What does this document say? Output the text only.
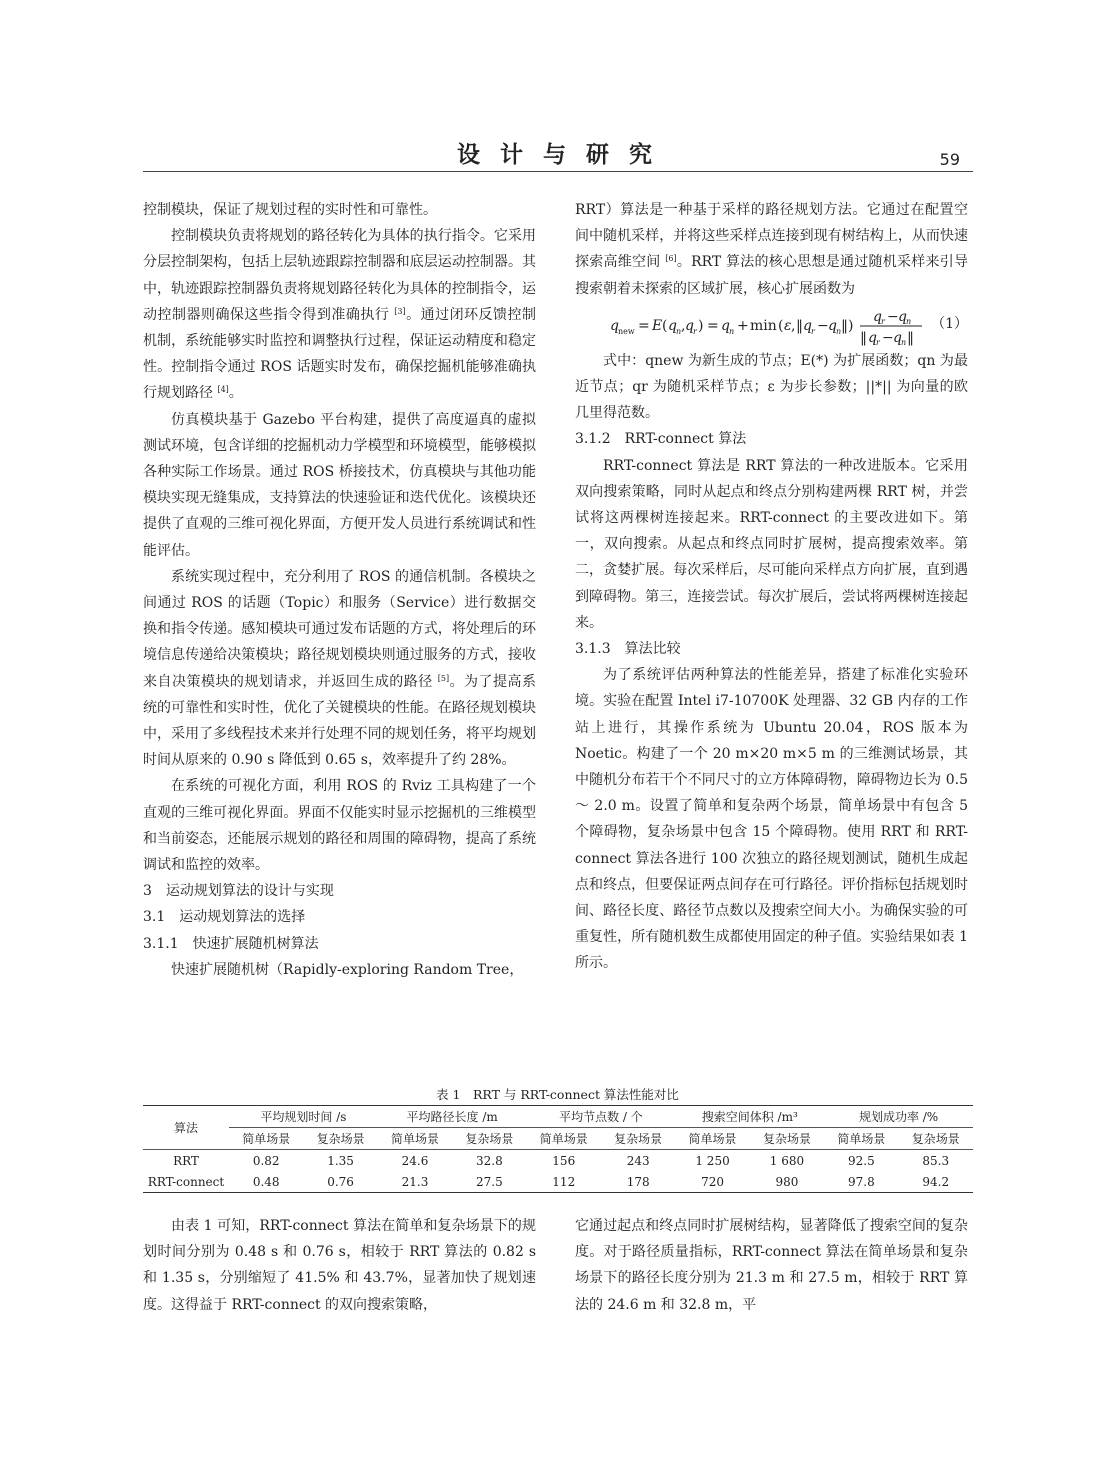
设 计 与 研 究	59

控制模块，保证了规划过程的实时性和可靠性。

控制模块负责将规划的路径转化为具体的执行指令。它采用分层控制架构，包括上层轨迹跟踪控制器和底层运动控制器。其中，轨迹跟踪控制器负责将规划路径转化为具体的控制指令，运动控制器则确保这些指令得到准确执行 [3]。通过闭环反馈控制机制，系统能够实时监控和调整执行过程，保证运动精度和稳定性。控制指令通过 ROS 话题实时发布，确保挖掘机能够准确执行规划路径 [4]。

仿真模块基于 Gazebo 平台构建，提供了高度逼真的虚拟测试环境，包含详细的挖掘机动力学模型和环境模型，能够模拟各种实际工作场景。通过 ROS 桥接技术，仿真模块与其他功能模块实现无缝集成，支持算法的快速验证和迭代优化。该模块还提供了直观的三维可视化界面，方便开发人员进行系统调试和性能评估。

系统实现过程中，充分利用了 ROS 的通信机制。各模块之间通过 ROS 的话题（Topic）和服务（Service）进行数据交换和指令传递。感知模块可通过发布话题的方式，将处理后的环境信息传递给决策模块；路径规划模块则通过服务的方式，接收来自决策模块的规划请求，并返回生成的路径 [5]。为了提高系统的可靠性和实时性，优化了关键模块的性能。在路径规划模块中，采用了多线程技术来并行处理不同的规划任务，将平均规划时间从原来的 0.90 s 降低到 0.65 s，效率提升了约 28%。

在系统的可视化方面，利用 ROS 的 Rviz 工具构建了一个直观的三维可视化界面。界面不仅能实时显示挖掘机的三维模型和当前姿态，还能展示规划的路径和周围的障碍物，提高了系统调试和监控的效率。

3　运动规划算法的设计与实现

3.1　运动规划算法的选择

3.1.1　快速扩展随机树算法

快速扩展随机树（Rapidly-exploring Random Tree，

RRT）算法是一种基于采样的路径规划方法。它通过在配置空间中随机采样，并将这些采样点连接到现有树结构上，从而快速探索高维空间 [6]。RRT 算法的核心思想是通过随机采样来引导搜索朝着未探索的区域扩展，核心扩展函数为

q new = E ( q n , q r ) = q n + min ( ε , ‖ q r − q n ‖ )
q r − q n
‖ q r − q n ‖
（1）

式中：qnew 为新生成的节点；E(*) 为扩展函数；qn 为最近节点；qr 为随机采样节点；ε 为步长参数；||*|| 为向量的欧几里得范数。

3.1.2　RRT-connect 算法

RRT-connect 算法是 RRT 算法的一种改进版本。它采用双向搜索策略，同时从起点和终点分别构建两棵 RRT 树，并尝试将这两棵树连接起来。RRT-connect 的主要改进如下。第一，双向搜索。从起点和终点同时扩展树，提高搜索效率。第二，贪婪扩展。每次采样后，尽可能向采样点方向扩展，直到遇到障碍物。第三，连接尝试。每次扩展后，尝试将两棵树连接起来。

3.1.3　算法比较

为了系统评估两种算法的性能差异，搭建了标准化实验环境。实验在配置 Intel i7-10700K 处理器、32 GB 内存的工作站上进行，其操作系统为 Ubuntu 20.04，ROS 版本为 Noetic。构建了一个 20 m×20 m×5 m 的三维测试场景，其中随机分布若干个不同尺寸的立方体障碍物，障碍物边长为 0.5 ～ 2.0 m。设置了简单和复杂两个场景，简单场景中有包含 5 个障碍物，复杂场景中包含 15 个障碍物。使用 RRT 和 RRT-connect 算法各进行 100 次独立的路径规划测试，随机生成起点和终点，但要保证两点间存在可行路径。评价指标包括规划时间、路径长度、路径节点数以及搜索空间大小。为确保实验的可重复性，所有随机数生成都使用固定的种子值。实验结果如表 1 所示。

表 1　RRT 与 RRT-connect 算法性能对比
算法	平均规划时间 /s		平均路径长度 /m		平均节点数 / 个		搜索空间体积 /m³		规划成功率 /%	
	简单场景	复杂场景	简单场景	复杂场景	简单场景	复杂场景	简单场景	复杂场景	简单场景	复杂场景
RRT	0.82	1.35	24.6	32.8	156	243	1 250	1 680	92.5	85.3
RRT-connect	0.48	0.76	21.3	27.5	112	178	720	980	97.8	94.2

由表 1 可知，RRT-connect 算法在简单和复杂场景下的规划时间分别为 0.48 s 和 0.76 s，相较于 RRT 算法的 0.82 s 和 1.35 s，分别缩短了 41.5% 和 43.7%，显著加快了规划速度。这得益于 RRT-connect 的双向搜索策略，

它通过起点和终点同时扩展树结构，显著降低了搜索空间的复杂度。对于路径质量指标，RRT-connect 算法在简单场景和复杂场景下的路径长度分别为 21.3 m 和 27.5 m，相较于 RRT 算法的 24.6 m 和 32.8 m，平
